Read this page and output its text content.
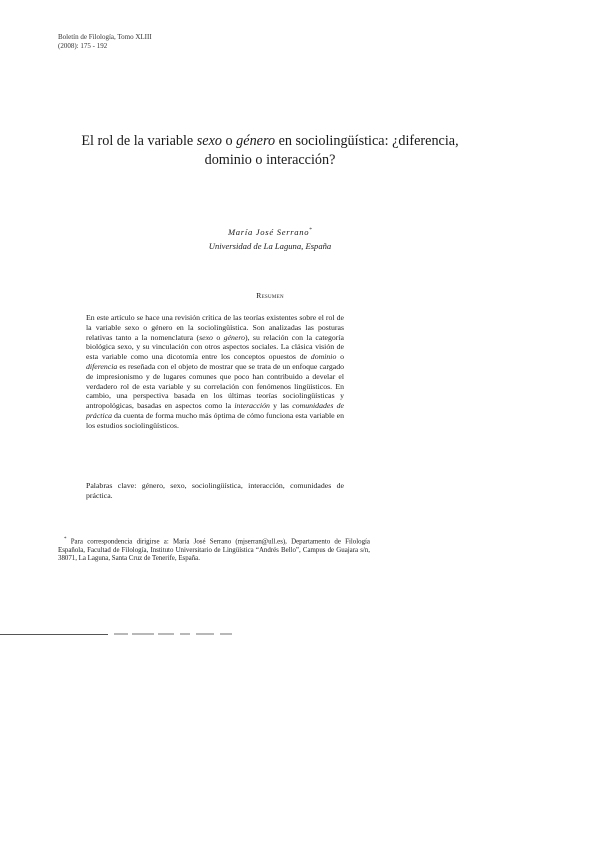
Boletín de Filología, Tomo XLIII
(2008): 175 - 192
El rol de la variable sexo o género en sociolingüística: ¿diferencia, dominio o interacción?
María José Serrano*
Universidad de La Laguna, España
Resumen
En este artículo se hace una revisión crítica de las teorías existentes sobre el rol de la variable sexo o género en la sociolingüística. Son analizadas las posturas relativas tanto a la nomenclatura (sexo o género), su relación con la categoría biológica sexo, y su vinculación con otros aspectos sociales. La clásica visión de esta variable como una dicotomía entre los conceptos opuestos de dominio o diferencia es reseñada con el objeto de mostrar que se trata de un enfoque cargado de impresionismo y de lugares comunes que poco han contribuido a develar el verdadero rol de esta variable y su correlación con fenómenos lingüísticos. En cambio, una perspectiva basada en los últimas teorías sociolingüísticas y antropológicas, basadas en aspectos como la interacción y las comunidades de práctica da cuenta de forma mucho más óptima de cómo funciona esta variable en los estudios sociolingüísticos.
Palabras clave: género, sexo, sociolingüística, interacción, comunidades de práctica.
* Para correspondencia dirigirse a: María José Serrano (mjserran@ull.es), Departamento de Filología Española, Facultad de Filología, Instituto Universitario de Lingüística “Andrés Bello”, Campus de Guajara s/n, 38071, La Laguna, Santa Cruz de Tenerife, España.
